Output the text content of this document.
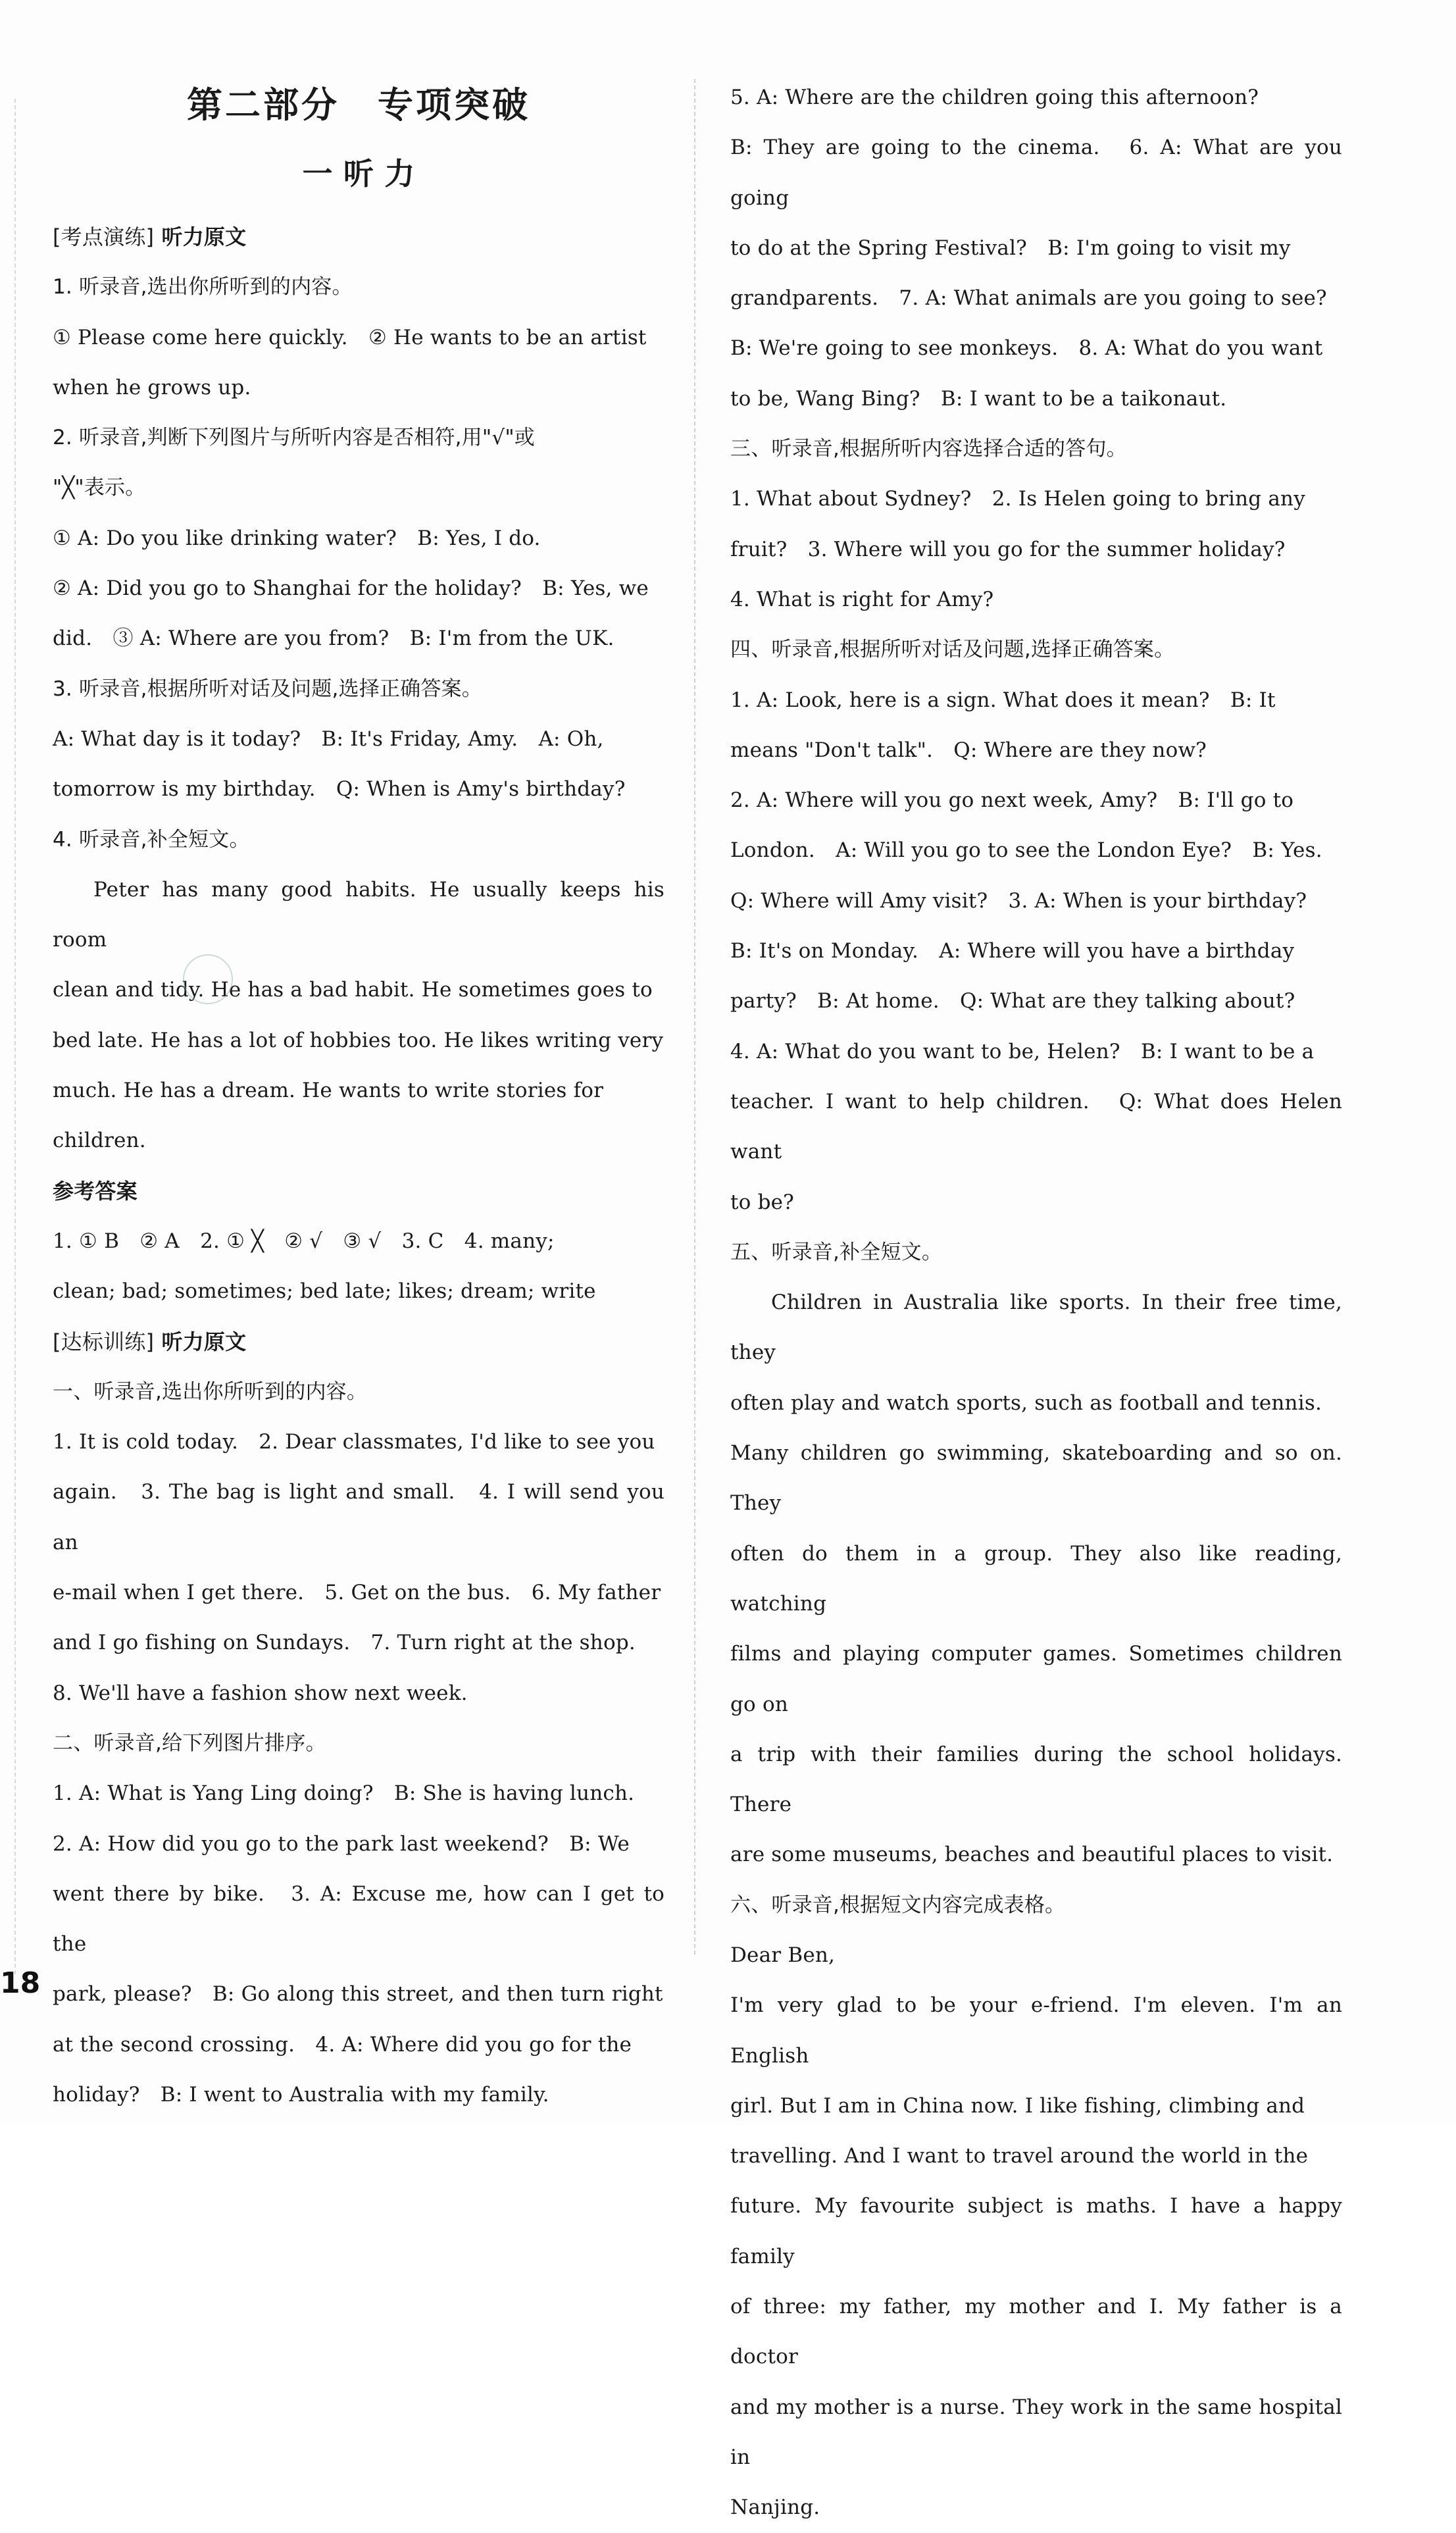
第二部分　专项突破
一 听 力

[考点演练] 听力原文

1. 听录音,选出你所听到的内容。

① Please come here quickly.　② He wants to be an artist

when he grows up.

2. 听录音,判断下列图片与所听内容是否相符,用"√"或

"╳"表示。

① A: Do you like drinking water?　B: Yes, I do.

② A: Did you go to Shanghai for the holiday?　B: Yes, we

did.　③ A: Where are you from?　B: I'm from the UK.

3. 听录音,根据所听对话及问题,选择正确答案。

A: What day is it today?　B: It's Friday, Amy.　A: Oh,

tomorrow is my birthday.　Q: When is Amy's birthday?

4. 听录音,补全短文。

Peter has many good habits. He usually keeps his room

clean and tidy. He has a bad habit. He sometimes goes to

bed late. He has a lot of hobbies too. He likes writing very

much. He has a dream. He wants to write stories for

children.

参考答案

1. ① B　② A　2. ① ╳　② √　③ √　3. C　4. many;

clean; bad; sometimes; bed late; likes; dream; write

[达标训练] 听力原文

一、听录音,选出你所听到的内容。

1. It is cold today.　2. Dear classmates, I'd like to see you

again.　3. The bag is light and small.　4. I will send you an

e-mail when I get there.　5. Get on the bus.　6. My father

and I go fishing on Sundays.　7. Turn right at the shop.

8. We'll have a fashion show next week.

二、听录音,给下列图片排序。

1. A: What is Yang Ling doing?　B: She is having lunch.

2. A: How did you go to the park last weekend?　B: We

went there by bike.　3. A: Excuse me, how can I get to the

park, please?　B: Go along this street, and then turn right

at the second crossing.　4. A: Where did you go for the

holiday?　B: I went to Australia with my family.

5. A: Where are the children going this afternoon?

B: They are going to the cinema.　6. A: What are you going

to do at the Spring Festival?　B: I'm going to visit my

grandparents.　7. A: What animals are you going to see?

B: We're going to see monkeys.　8. A: What do you want

to be, Wang Bing?　B: I want to be a taikonaut.

三、听录音,根据所听内容选择合适的答句。

1. What about Sydney?　2. Is Helen going to bring any

fruit?　3. Where will you go for the summer holiday?

4. What is right for Amy?

四、听录音,根据所听对话及问题,选择正确答案。

1. A: Look, here is a sign. What does it mean?　B: It

means "Don't talk".　Q: Where are they now?

2. A: Where will you go next week, Amy?　B: I'll go to

London.　A: Will you go to see the London Eye?　B: Yes.

Q: Where will Amy visit?　3. A: When is your birthday?

B: It's on Monday.　A: Where will you have a birthday

party?　B: At home.　Q: What are they talking about?

4. A: What do you want to be, Helen?　B: I want to be a

teacher. I want to help children.　Q: What does Helen want

to be?

五、听录音,补全短文。

Children in Australia like sports. In their free time, they

often play and watch sports, such as football and tennis.

Many children go swimming, skateboarding and so on. They

often do them in a group. They also like reading, watching

films and playing computer games. Sometimes children go on

a trip with their families during the school holidays. There

are some museums, beaches and beautiful places to visit.

六、听录音,根据短文内容完成表格。

Dear Ben,

I'm very glad to be your e-friend. I'm eleven. I'm an English

girl. But I am in China now. I like fishing, climbing and

travelling. And I want to travel around the world in the

future. My favourite subject is maths. I have a happy family

of three: my father, my mother and I. My father is a doctor

and my mother is a nurse. They work in the same hospital in

Nanjing.

18
